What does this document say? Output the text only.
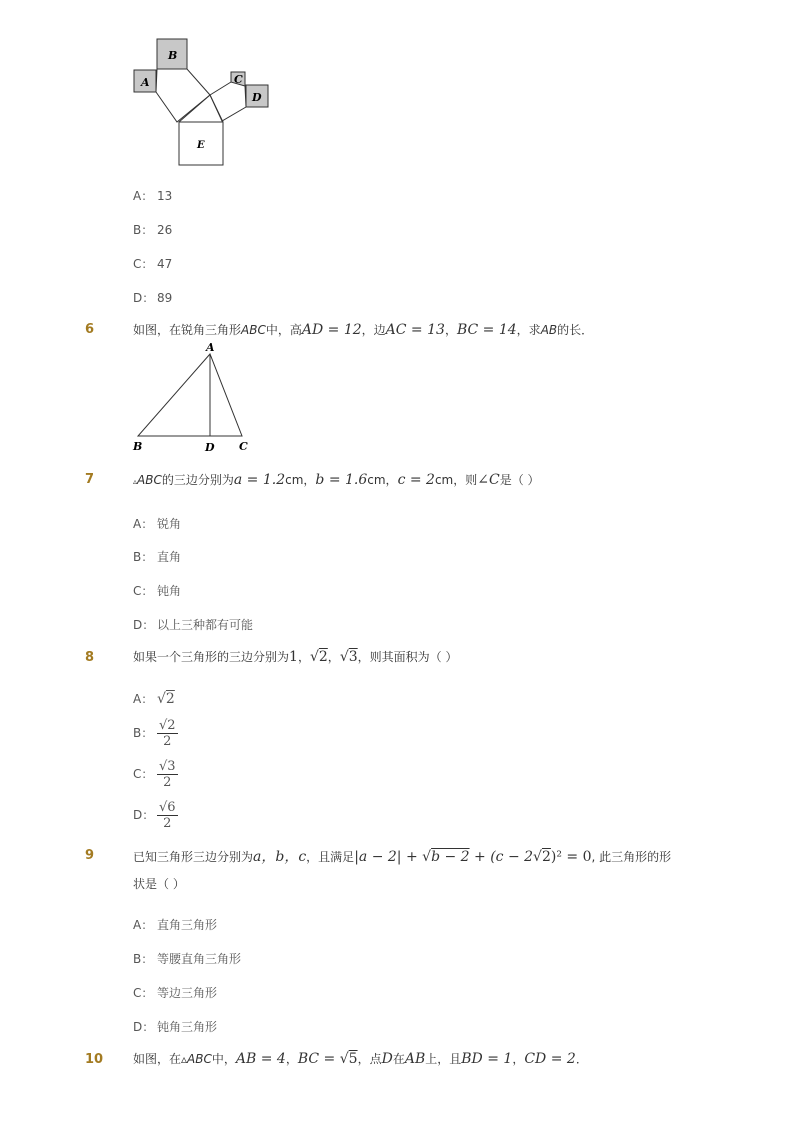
B
A	C
D
E
A： 13
B： 26
C： 47
D： 89
6	如图，在锐角三角形ABC中，高AD = 12，边AC = 13，BC = 14，求AB的长．
A
B	D C
7	▵ABC的三边分别为a = 1.2cm，b = 1.6cm，c = 2cm，则∠C是（ ）
A： 锐角
B： 直角
C： 钝角
D： 以上三种都有可能
8	如果一个三角形的三边分别为1，√2，√3，则其面积为（ ）
A： √2
B： $\frac{√2}{2}$
C： $\frac{√3}{2}$
D： $\frac{√6}{2}$
9	已知三角形三边分别为a，b，c，且满足|a − 2| + √b − 2 + (c − 2√2)² = 0, 此三角形的形
状是（ ）
A： 直角三角形
B： 等腰直角三角形
C： 等边三角形
D： 钝角三角形
10 如图，在▵ABC中，AB = 4，BC = √5，点D在AB上，且BD = 1，CD = 2．
